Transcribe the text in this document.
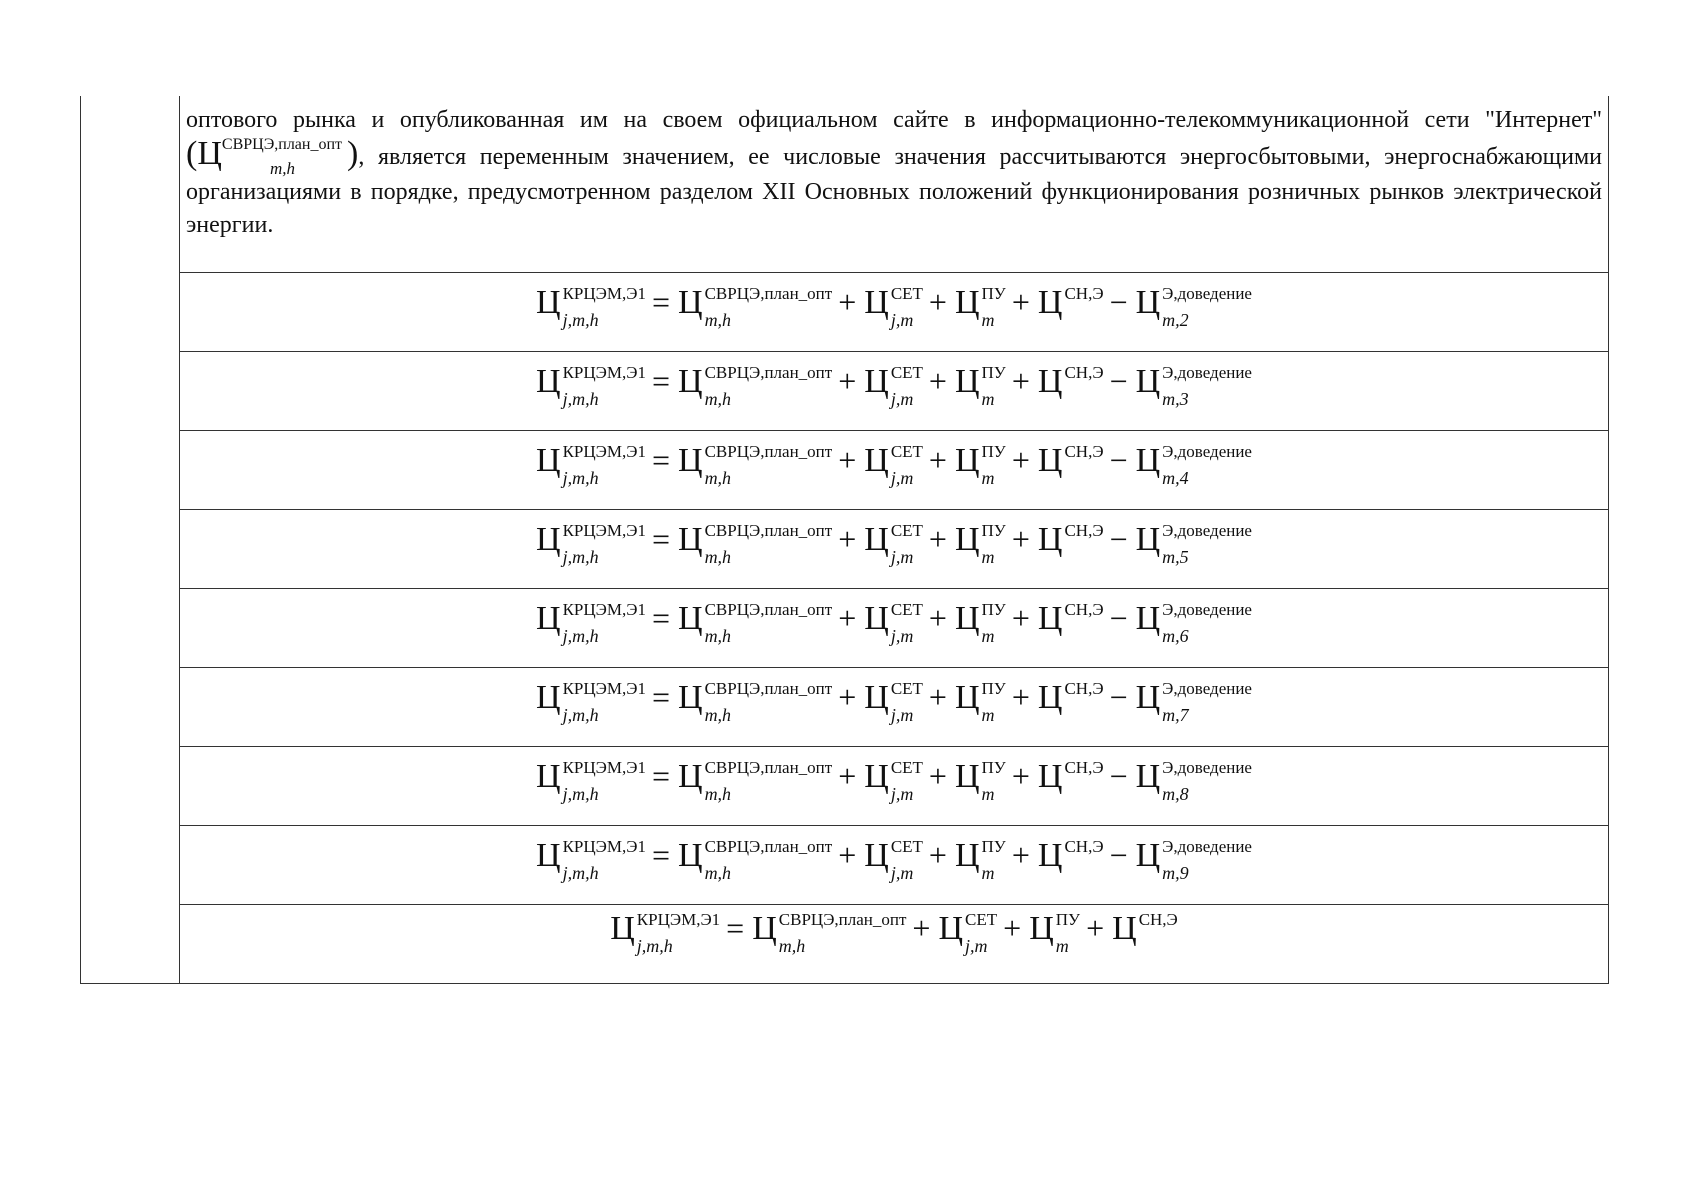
	оптового рынка и опубликованная им на своем официальном сайте в информационно-телекоммуникационной сети "Интернет" ($Ц^{СВРЦЭ,план\_опт}_{m,h}$ ), является переменным значением, ее числовые значения рассчитываются энергосбытовыми, энергоснабжающими организациями в порядке, предусмотренном разделом XII Основных положений функционирования розничных рынков электрической энергии.
Ц КРЦЭМ,Э1
j,m,h = Ц СВРЦЭ,план_опт
m,h	+ Ц СЕТ
j,m + Ц ПУ
m + Ц СН,Э
− Ц Э,доведение
m,2

Ц КРЦЭМ,Э1
j,m,h = Ц СВРЦЭ,план_опт
m,h	+ Ц СЕТ
j,m + Ц ПУ
m + Ц СН,Э
− Ц Э,доведение
m,3

Ц КРЦЭМ,Э1
j,m,h = Ц СВРЦЭ,план_опт
m,h	+ Ц СЕТ
j,m + Ц ПУ
m + Ц СН,Э
− Ц Э,доведение
m,4

Ц КРЦЭМ,Э1
j,m,h = Ц СВРЦЭ,план_опт
m,h	+ Ц СЕТ
j,m + Ц ПУ
m + Ц СН,Э
− Ц Э,доведение
m,5

Ц КРЦЭМ,Э1
j,m,h = Ц СВРЦЭ,план_опт
m,h	+ Ц СЕТ
j,m + Ц ПУ
m + Ц СН,Э
− Ц Э,доведение
m,6

Ц КРЦЭМ,Э1
j,m,h = Ц СВРЦЭ,план_опт
m,h	+ Ц СЕТ
j,m + Ц ПУ
m + Ц СН,Э
− Ц Э,доведение
m,7

Ц КРЦЭМ,Э1
j,m,h = Ц СВРЦЭ,план_опт
m,h	+ Ц СЕТ
j,m + Ц ПУ
m + Ц СН,Э
− Ц Э,доведение
m,8

Ц КРЦЭМ,Э1
j,m,h = Ц СВРЦЭ,план_опт
m,h	+ Ц СЕТ
j,m + Ц ПУ
m + Ц СН,Э
− Ц Э,доведение
m,9

Ц КРЦЭМ,Э1
j,m,h = Ц СВРЦЭ,план_опт
m,h	+ Ц СЕТ
j,m + Ц ПУ
m + Ц СН,Э
